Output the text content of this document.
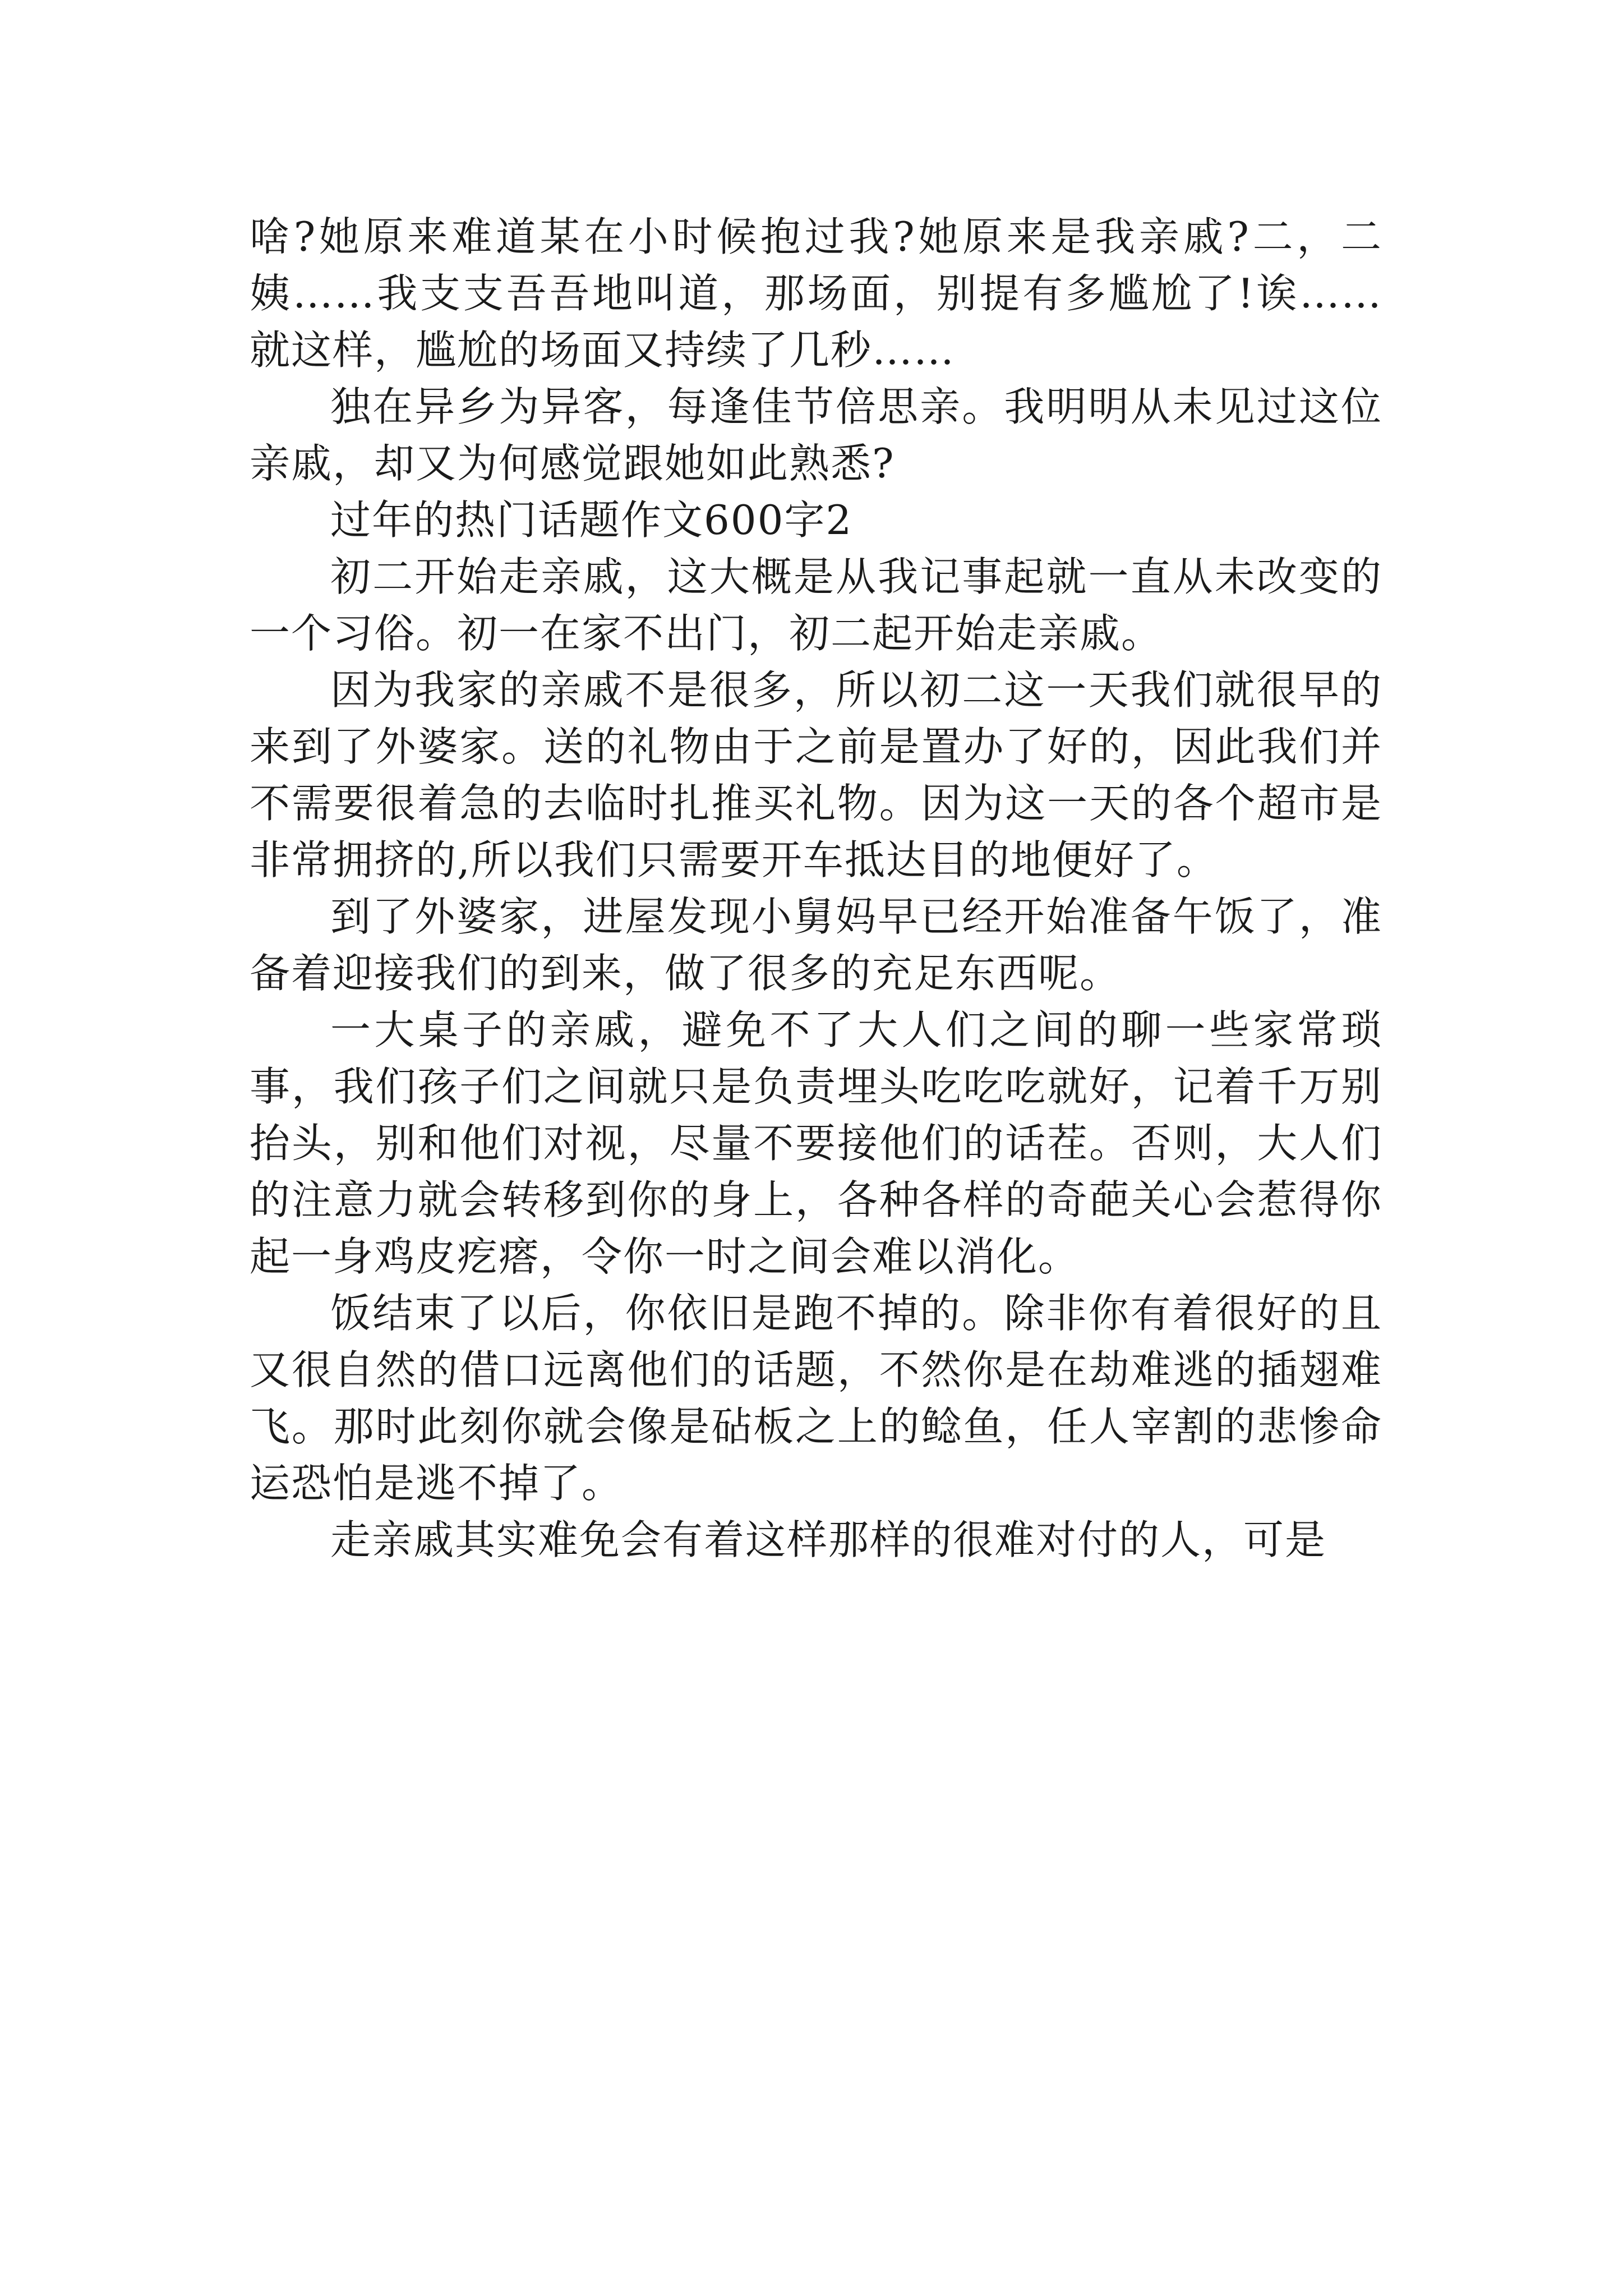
啥?她原来难道某在小时候抱过我?她原来是我亲戚?二，二姨……我支支吾吾地叫道，那场面，别提有多尴尬了!诶……就这样，尴尬的场面又持续了几秒……

独在异乡为异客，每逢佳节倍思亲。我明明从未见过这位亲戚，却又为何感觉跟她如此熟悉?

过年的热门话题作文600字2

初二开始走亲戚，这大概是从我记事起就一直从未改变的一个习俗。初一在家不出门，初二起开始走亲戚。

因为我家的亲戚不是很多，所以初二这一天我们就很早的来到了外婆家。送的礼物由于之前是置办了好的，因此我们并不需要很着急的去临时扎推买礼物。因为这一天的各个超市是非常拥挤的,所以我们只需要开车抵达目的地便好了。

到了外婆家，进屋发现小舅妈早已经开始准备午饭了，准备着迎接我们的到来，做了很多的充足东西呢。

一大桌子的亲戚，避免不了大人们之间的聊一些家常琐事，我们孩子们之间就只是负责埋头吃吃吃就好，记着千万别抬头，别和他们对视，尽量不要接他们的话茬。否则，大人们的注意力就会转移到你的身上，各种各样的奇葩关心会惹得你起一身鸡皮疙瘩，令你一时之间会难以消化。

饭结束了以后，你依旧是跑不掉的。除非你有着很好的且又很自然的借口远离他们的话题，不然你是在劫难逃的插翅难飞。那时此刻你就会像是砧板之上的鲶鱼，任人宰割的悲惨命运恐怕是逃不掉了。

走亲戚其实难免会有着这样那样的很难对付的人，可是
